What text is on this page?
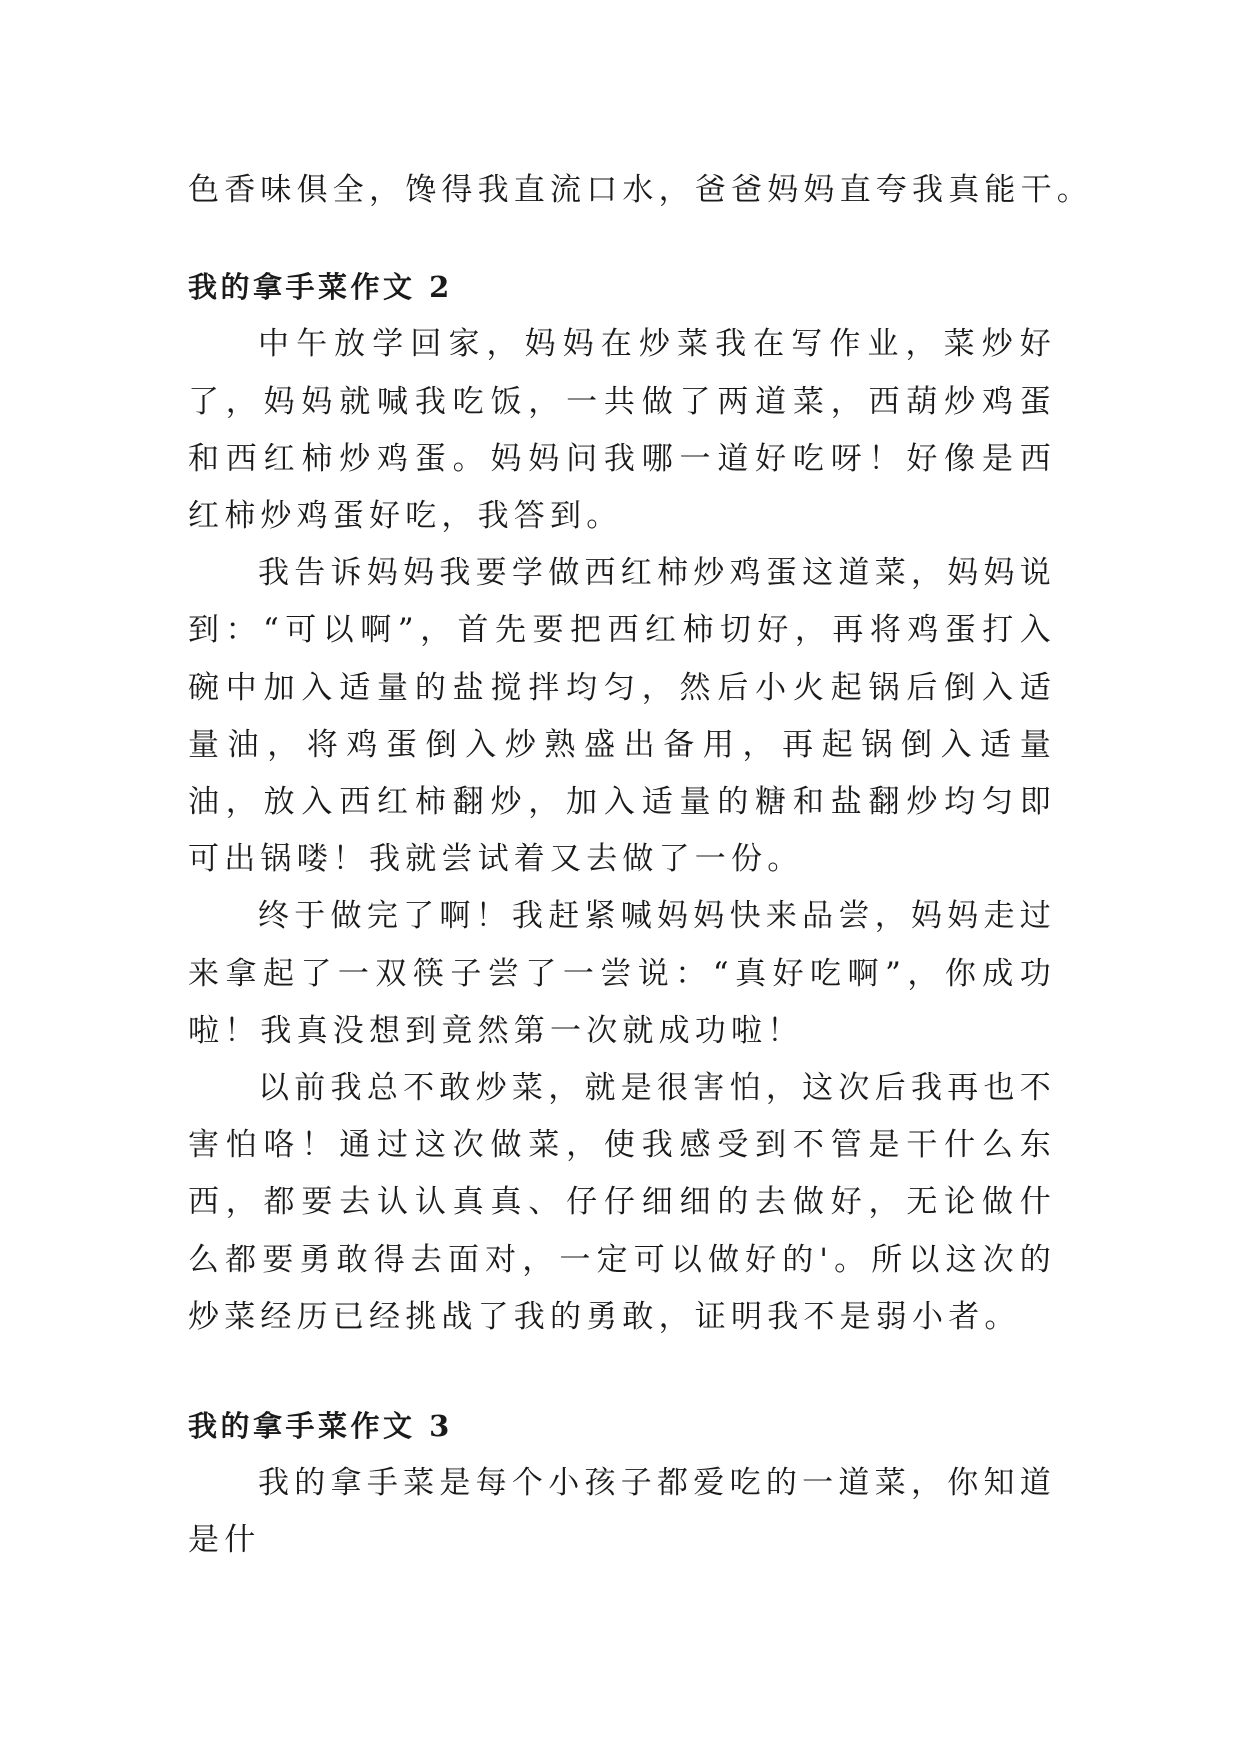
色香味俱全，馋得我直流口水，爸爸妈妈直夸我真能干。

我的拿手菜作文 2

中午放学回家，妈妈在炒菜我在写作业，菜炒好了，妈妈就喊我吃饭，一共做了两道菜，西葫炒鸡蛋和西红柿炒鸡蛋。妈妈问我哪一道好吃呀！好像是西红柿炒鸡蛋好吃，我答到。

我告诉妈妈我要学做西红柿炒鸡蛋这道菜，妈妈说到：“可以啊”，首先要把西红柿切好，再将鸡蛋打入碗中加入适量的盐搅拌均匀，然后小火起锅后倒入适量油，将鸡蛋倒入炒熟盛出备用，再起锅倒入适量油，放入西红柿翻炒，加入适量的糖和盐翻炒均匀即可出锅喽！我就尝试着又去做了一份。

终于做完了啊！我赶紧喊妈妈快来品尝，妈妈走过来拿起了一双筷子尝了一尝说：“真好吃啊”，你成功啦！我真没想到竟然第一次就成功啦！

以前我总不敢炒菜，就是很害怕，这次后我再也不害怕咯！通过这次做菜，使我感受到不管是干什么东西，都要去认认真真、仔仔细细的去做好，无论做什么都要勇敢得去面对，一定可以做好的'。所以这次的炒菜经历已经挑战了我的勇敢，证明我不是弱小者。

我的拿手菜作文 3

我的拿手菜是每个小孩子都爱吃的一道菜，你知道是什
